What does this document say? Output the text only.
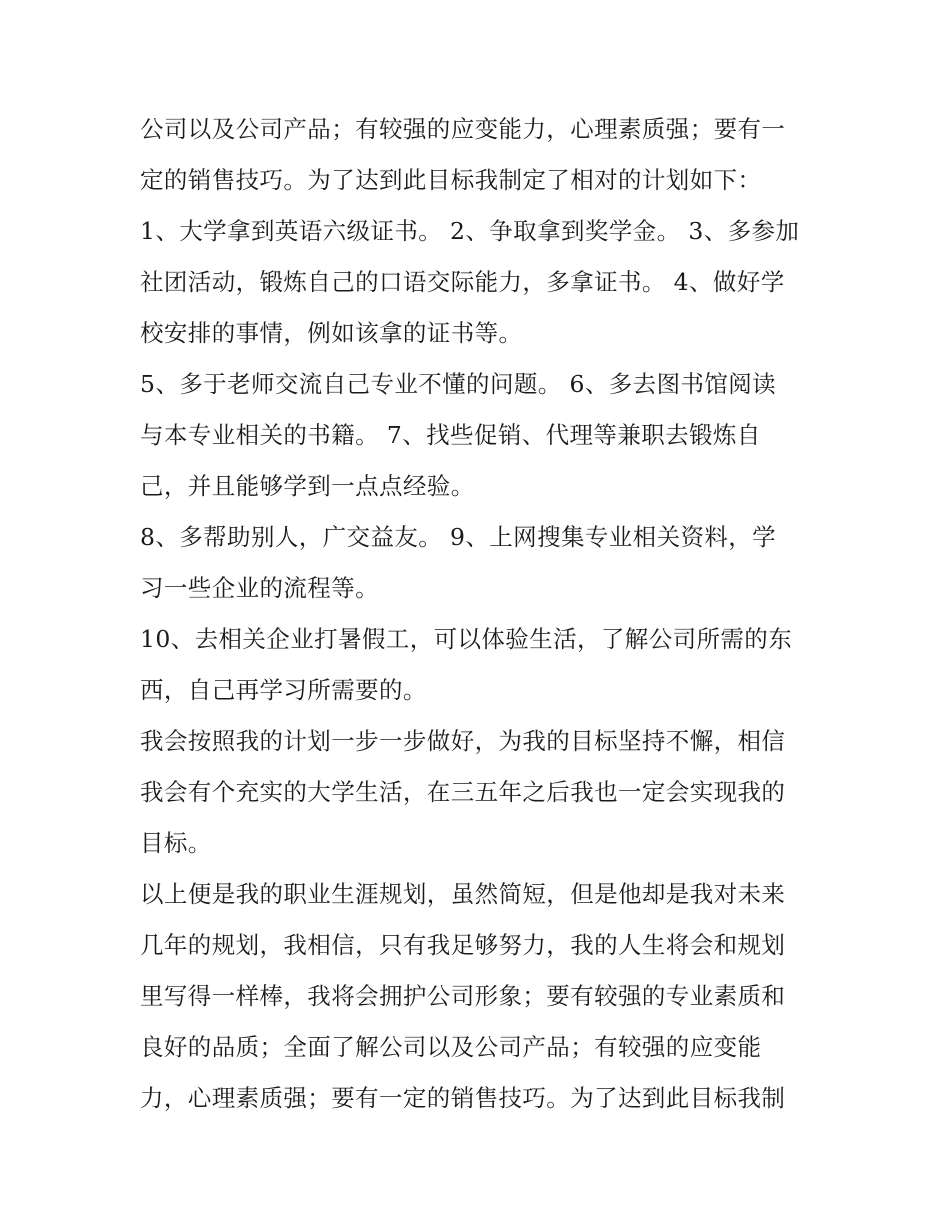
公司以及公司产品；有较强的应变能力，心理素质强；要有一
定的销售技巧。为了达到此目标我制定了相对的计划如下：
1、大学拿到英语六级证书。 2、争取拿到奖学金。 3、多参加
社团活动，锻炼自己的口语交际能力，多拿证书。 4、做好学
校安排的事情，例如该拿的证书等。
5、多于老师交流自己专业不懂的问题。 6、多去图书馆阅读
与本专业相关的书籍。 7、找些促销、代理等兼职去锻炼自
己，并且能够学到一点点经验。
8、多帮助别人，广交益友。 9、上网搜集专业相关资料，学
习一些企业的流程等。
10、去相关企业打暑假工，可以体验生活，了解公司所需的东
西，自己再学习所需要的。
我会按照我的计划一步一步做好，为我的目标坚持不懈，相信
我会有个充实的大学生活，在三五年之后我也一定会实现我的
目标。
以上便是我的职业生涯规划，虽然简短，但是他却是我对未来
几年的规划，我相信，只有我足够努力，我的人生将会和规划
里写得一样棒，我将会拥护公司形象；要有较强的专业素质和
良好的品质；全面了解公司以及公司产品；有较强的应变能
力，心理素质强；要有一定的销售技巧。为了达到此目标我制
